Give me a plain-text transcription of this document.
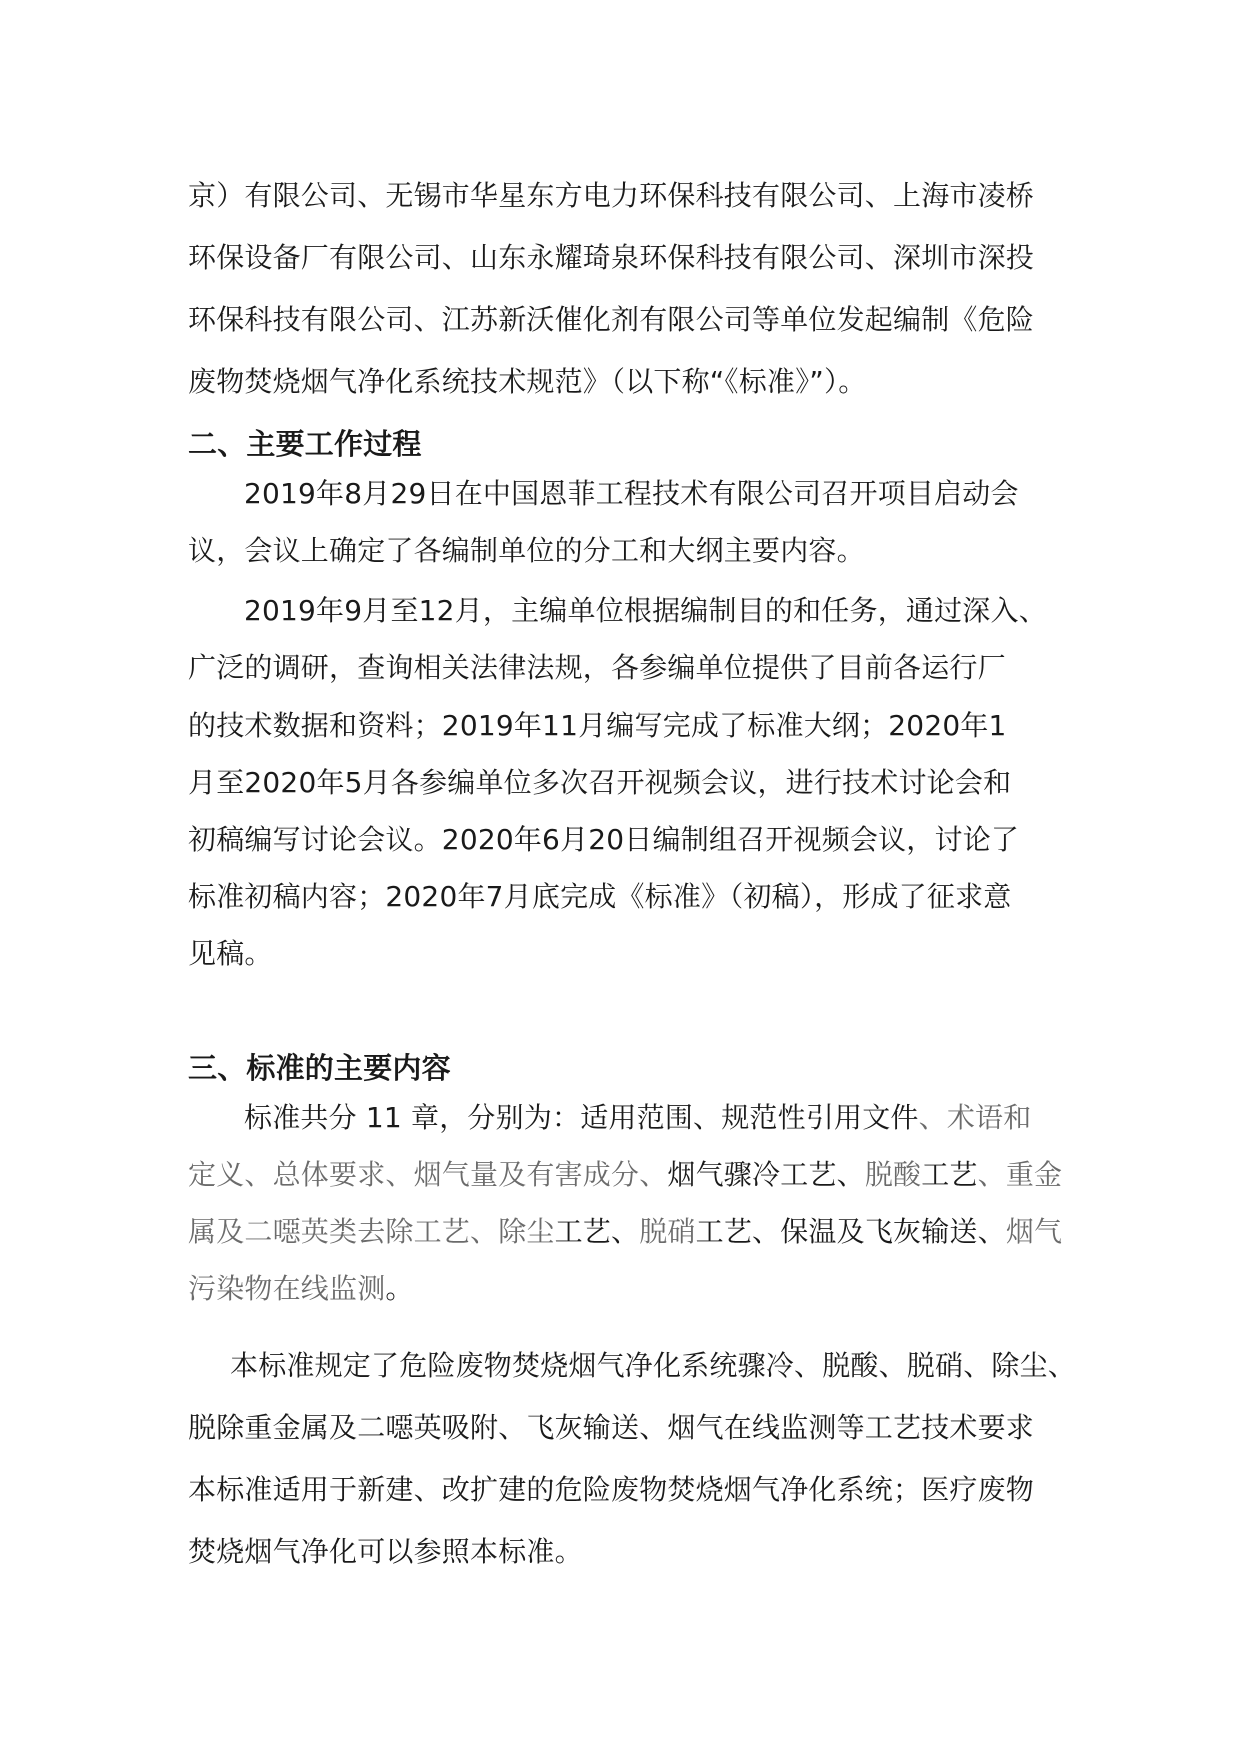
京）有限公司、无锡市华星东方电力环保科技有限公司、上海市凌桥

环保设备厂有限公司、山东永耀琦泉环保科技有限公司、深圳市深投

环保科技有限公司、江苏新沃催化剂有限公司等单位发起编制《危险

废物焚烧烟气净化系统技术规范》（以下称“《标准》”）。

二、主要工作过程

2019年8月29日在中国恩菲工程技术有限公司召开项目启动会

议，会议上确定了各编制单位的分工和大纲主要内容。

2019年9月至12月，主编单位根据编制目的和任务，通过深入、

广泛的调研，查询相关法律法规，各参编单位提供了目前各运行厂

的技术数据和资料；2019年11月编写完成了标准大纲；2020年1

月至2020年5月各参编单位多次召开视频会议，进行技术讨论会和

初稿编写讨论会议。2020年6月20日编制组召开视频会议，讨论了

标准初稿内容；2020年7月底完成《标准》（初稿），形成了征求意

见稿。

三、标准的主要内容

标准共分 11 章，分别为：适用范围、规范性引用文件、术语和

定义、总体要求、烟气量及有害成分、烟气骤冷工艺、脱酸工艺、重金

属及二噁英类去除工艺、除尘工艺、脱硝工艺、保温及飞灰输送、烟气

污染物在线监测。

本标准规定了危险废物焚烧烟气净化系统骤冷、脱酸、脱硝、除尘、

脱除重金属及二噁英吸附、飞灰输送、烟气在线监测等工艺技术要求

本标准适用于新建、改扩建的危险废物焚烧烟气净化系统；医疗废物

焚烧烟气净化可以参照本标准。
